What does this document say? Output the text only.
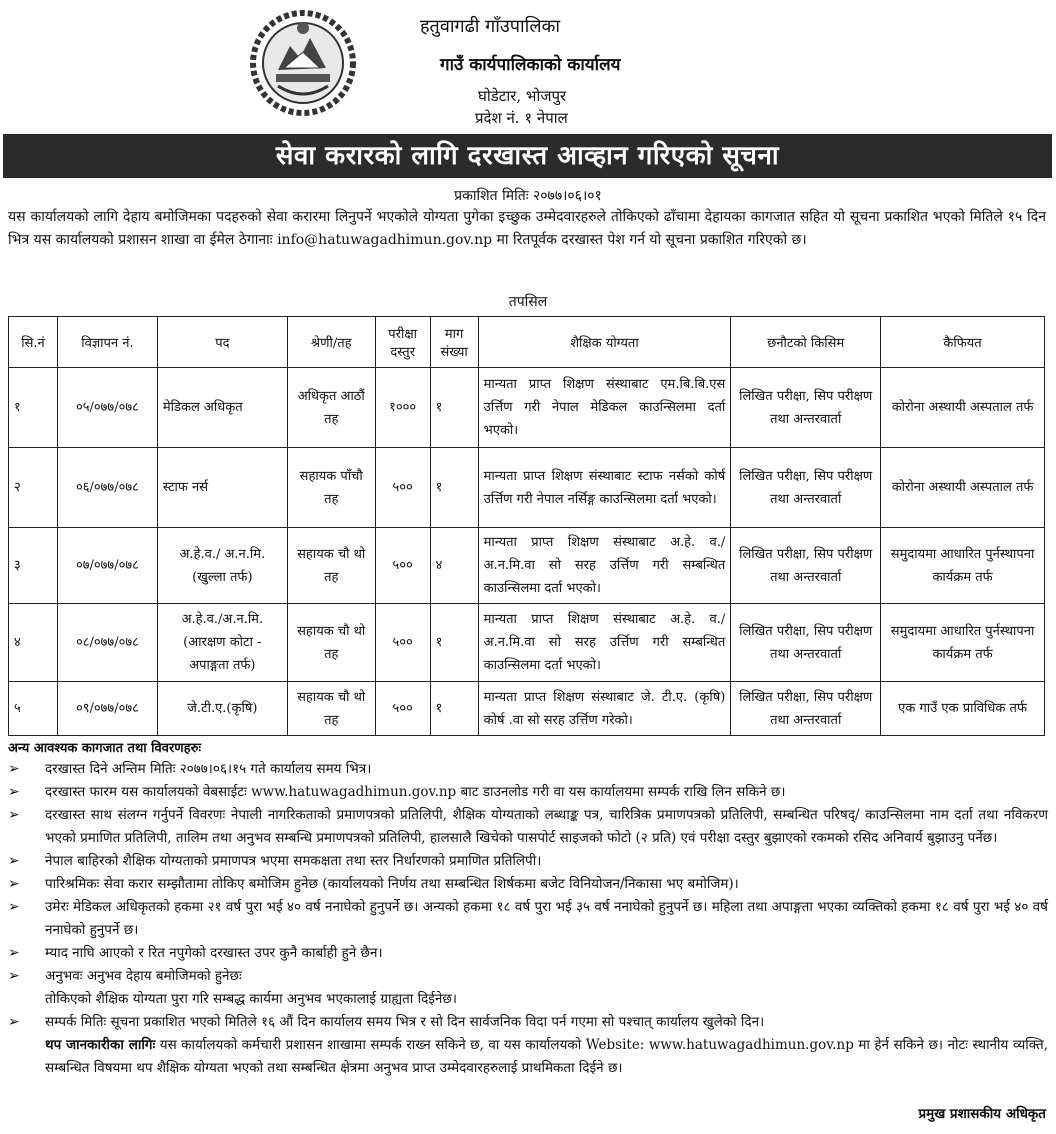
हतुवागढी गाँउपालिका
गाउँ कार्यपालिकाको कार्यालय
घोडेटार, भोजपुर
प्रदेश नं. १ नेपाल
सेवा करारको लागि दरखास्त आव्हान गरिएको सूचना
प्रकाशित मितिः २०७७।०६।०१

यस कार्यालयको लागि देहाय बमोजिमका पदहरुको सेवा करारमा लिनुपर्ने भएकोले योग्यता पुगेका इच्छुक उम्मेदवारहरुले तोकिएको ढाँचामा देहायका कागजात सहित यो सूचना प्रकाशित भएको मितिले १५ दिन भित्र यस कार्यालयको प्रशासन शाखा वा ईमेल ठेगानाः info@hatuwagadhimun.gov.np मा रितपूर्वक दरखास्त पेश गर्न यो सूचना प्रकाशित गरिएको छ।

तपसिल
सि.नं	विज्ञापन नं.	पद	श्रेणी/तह	परीक्षा दस्तुर	माग संख्या	शैक्षिक योग्यता	छनौटको किसिम	कैफियत
१	०५/०७७/०७८	मेडिकल अधिकृत	अधिकृत आठौं तह	१०००	१	मान्यता प्राप्त शिक्षण संस्थाबाट एम.बि.बि.एस उर्त्तिण गरी नेपाल मेडिकल काउन्सिलमा दर्ता भएको।	लिखित परीक्षा, सिप परीक्षण तथा अन्तरवार्ता	कोरोना अस्थायी अस्पताल तर्फ
२	०६/०७७/०७८	स्टाफ नर्स	सहायक पाँचौ तह	५००	१	मान्यता प्राप्त शिक्षण संस्थाबाट स्टाफ नर्सको कोर्ष उर्त्तिण गरी नेपाल नर्सिङ्ग काउन्सिलमा दर्ता भएको।	लिखित परीक्षा, सिप परीक्षण तथा अन्तरवार्ता	कोरोना अस्थायी अस्पताल तर्फ
३	०७/०७७/०७८	अ.हे.व./ अ.न.मि. (खुल्ला तर्फ)	सहायक चौ थो तह	५००	४	मान्यता प्राप्त शिक्षण संस्थाबाट अ.हे. व./अ.न.मि.वा सो सरह उर्त्तिण गरी सम्बन्धित काउन्सिलमा दर्ता भएको।	लिखित परीक्षा, सिप परीक्षण तथा अन्तरवार्ता	समुदायमा आधारित पुर्नस्थापना कार्यक्रम तर्फ
४	०८/०७७/०७८	अ.हे.व./अ.न.मि. (आरक्षण कोटा - अपाङ्गता तर्फ)	सहायक चौ थो तह	५००	१	मान्यता प्राप्त शिक्षण संस्थाबाट अ.हे. व./अ.न.मि.वा सो सरह उर्त्तिण गरी सम्बन्धित काउन्सिलमा दर्ता भएको।	लिखित परीक्षा, सिप परीक्षण तथा अन्तरवार्ता	समुदायमा आधारित पुर्नस्थापना कार्यक्रम तर्फ
५	०९/०७७/०७८	जे.टी.ए.(कृषि)	सहायक चौ थो तह	५००	१	मान्यता प्राप्त शिक्षण संस्थाबाट जे. टी.ए. (कृषि) कोर्ष .वा सो सरह उर्त्तिण गरेको।	लिखित परीक्षा, सिप परीक्षण तथा अन्तरवार्ता	एक गाउँ एक प्राविधिक तर्फ
अन्य आवश्यक कागजात तथा विवरणहरुः
➢ दरखास्त दिने अन्तिम मितिः २०७७।०६।१५ गते कार्यालय समय भित्र।
➢ दरखास्त फारम यस कार्यालयको वेबसाईटः www.hatuwagadhimun.gov.np बाट डाउनलोड गरी वा यस कार्यालयमा सम्पर्क राखि लिन सकिने छ।
➢ दरखास्त साथ संलग्न गर्नुपर्ने विवरणः नेपाली नागरिकताको प्रमाणपत्रको प्रतिलिपी, शैक्षिक योग्यताको लब्धाङ्क पत्र, चारित्रिक प्रमाणपत्रको प्रतिलिपी, सम्बन्धित परिषद्/ काउन्सिलमा नाम दर्ता तथा नविकरण भएको प्रमाणित प्रतिलिपी, तालिम तथा अनुभव सम्बन्धि प्रमाणपत्रको प्रतिलिपी, हालसालै खिचेको पासपोर्ट साइजको फोटो (२ प्रति) एवं परीक्षा दस्तुर बुझाएको रकमको रसिद अनिवार्य बुझाउनु पर्नेछ।
➢ नेपाल बाहिरको शैक्षिक योग्यताको प्रमाणपत्र भएमा समकक्षता तथा स्तर निर्धारणको प्रमाणित प्रतिलिपी।
➢ पारिश्रमिकः सेवा करार सम्झौतामा तोकिए बमोजिम हुनेछ (कार्यालयको निर्णय तथा सम्बन्धित शिर्षकमा बजेट विनियोजन/निकासा भए बमोजिम)।
➢ उमेरः मेडिकल अधिकृतको हकमा २१ वर्ष पुरा भई ४० वर्ष ननाघेको हुनुपर्ने छ। अन्यको हकमा १८ वर्ष पुरा भई ३५ वर्ष ननाघेको हुनुपर्ने छ। महिला तथा अपाङ्गता भएका व्यक्तिको हकमा १८ वर्ष पुरा भई ४० वर्ष ननाघेको हुनुपर्ने छ।
➢ म्याद नाघि आएको र रित नपुगेको दरखास्त उपर कुनै कार्बाही हुने छैन।
➢ अनुभवः अनुभव देहाय बमोजिमको हुनेछः
तोकिएको शैक्षिक योग्यता पुरा गरि सम्बद्ध कार्यमा अनुभव भएकालाई ग्राह्यता दिईनेछ।
➢ सम्पर्क मितिः सूचना प्रकाशित भएको मितिले १६ औं दिन कार्यालय समय भित्र र सो दिन सार्वजनिक विदा पर्न गएमा सो पश्चात् कार्यालय खुलेको दिन।
थप जानकारीका लागिः यस कार्यालयको कर्मचारी प्रशासन शाखामा सम्पर्क राख्न सकिने छ, वा यस कार्यालयको Website: www.hatuwagadhimun.gov.np मा हेर्न सकिने छ। नोटः स्थानीय व्यक्ति, सम्बन्धित विषयमा थप शैक्षिक योग्यता भएको तथा सम्बन्धित क्षेत्रमा अनुभव प्राप्त उम्मेदवारहरुलाई प्राथमिकता दिईने छ।
प्रमुख प्रशासकीय अधिकृत
